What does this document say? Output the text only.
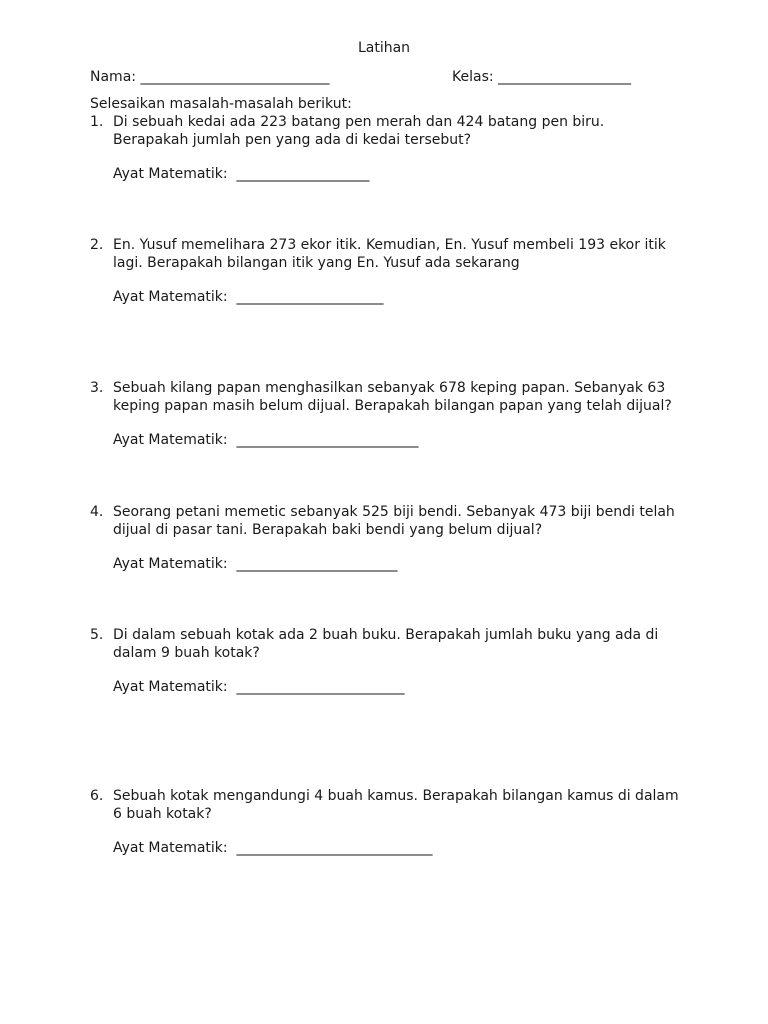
Latihan
Nama: ___________________________	Kelas: ___________________
Selesaikan masalah-masalah berikut:
1. Di sebuah kedai ada 223 batang pen merah dan 424 batang pen biru.
Berapakah jumlah pen yang ada di kedai tersebut?
Ayat Matematik: ___________________
2. En. Yusuf memelihara 273 ekor itik. Kemudian, En. Yusuf membeli 193 ekor itik
lagi. Berapakah bilangan itik yang En. Yusuf ada sekarang
Ayat Matematik: _____________________
3. Sebuah kilang papan menghasilkan sebanyak 678 keping papan. Sebanyak 63
keping papan masih belum dijual. Berapakah bilangan papan yang telah dijual?
Ayat Matematik: __________________________
4. Seorang petani memetic sebanyak 525 biji bendi. Sebanyak 473 biji bendi telah
dijual di pasar tani. Berapakah baki bendi yang belum dijual?
Ayat Matematik: _______________________
5. Di dalam sebuah kotak ada 2 buah buku. Berapakah jumlah buku yang ada di
dalam 9 buah kotak?
Ayat Matematik: ________________________
6. Sebuah kotak mengandungi 4 buah kamus. Berapakah bilangan kamus di dalam
6 buah kotak?
Ayat Matematik: ____________________________
